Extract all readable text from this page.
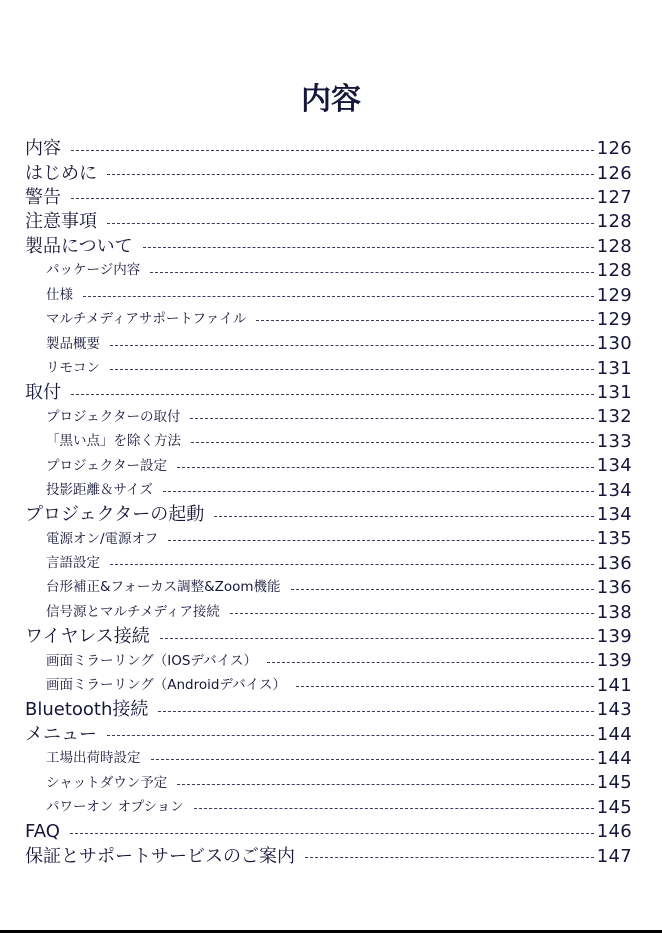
内容
内容	126
はじめに	126
警告	127
注意事項	128
製品について	128
パッケージ内容	128
仕様	129
マルチメディアサポートファイル	129
製品概要	130
リモコン	131
取付	131
プロジェクターの取付	132
「黒い点」を除く方法	133
プロジェクター設定	134
投影距離＆サイズ	134
プロジェクターの起動	134
電源オン/電源オフ	135
言語設定	136
台形補正&フォーカス調整&Zoom機能	136
信号源とマルチメディア接続	138
ワイヤレス接続	139
画面ミラーリング（IOSデバイス）	139
画面ミラーリング（Androidデバイス）	141
Bluetooth接続	143
メニュー	144
工場出荷時設定	144
シャットダウン予定	145
パワーオン オプション	145
FAQ	146
保証とサポートサービスのご案内	147
